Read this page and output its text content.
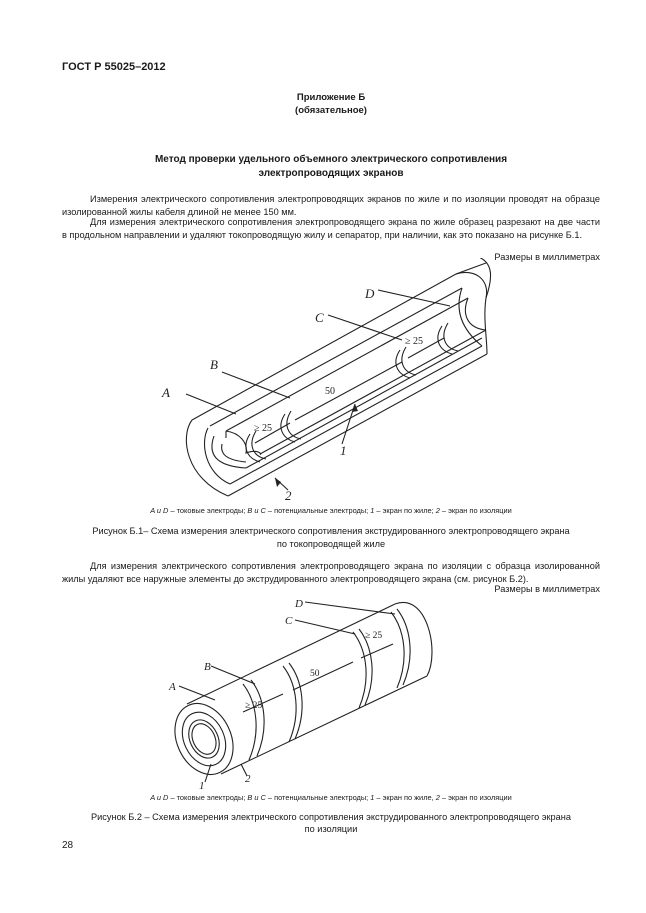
ГОСТ Р 55025–2012
Приложение Б
(обязательное)
Метод проверки удельного объемного электрического сопротивления
электропроводящих экранов
Измерения электрического сопротивления электропроводящих экранов по жиле и по изоляции проводят на образце изолированной жилы кабеля длиной не менее 150 мм.
Для измерения электрического сопротивления электропроводящего экрана по жиле образец разрезают на две части в продольном направлении и удаляют токопроводящую жилу и сепаратор, при наличии, как это показано на рисунке Б.1.
Размеры в миллиметрах
A
B
C
D
1
2
≥ 25
50
≥ 25
A и D – токовые электроды; B и C – потенциальные электроды; 1 – экран по жиле; 2 – экран по изоляции
Рисунок Б.1– Схема измерения электрического сопротивления экструдированного электропроводящего экрана
по токопроводящей жиле
Для измерения электрического сопротивления электропроводящего экрана по изоляции с образца изолированной жилы удаляют все наружные элементы до экструдированного электропроводящего экрана (см. рисунок Б.2).
Размеры в миллиметрах
A
B
C
D
1
2
≥ 25
50
≥ 25
A и D – токовые электроды; B и C – потенциальные электроды; 1 – экран по жиле, 2 – экран по изоляции
Рисунок Б.2 – Схема измерения электрического сопротивления экструдированного электропроводящего экрана
по изоляции
28
